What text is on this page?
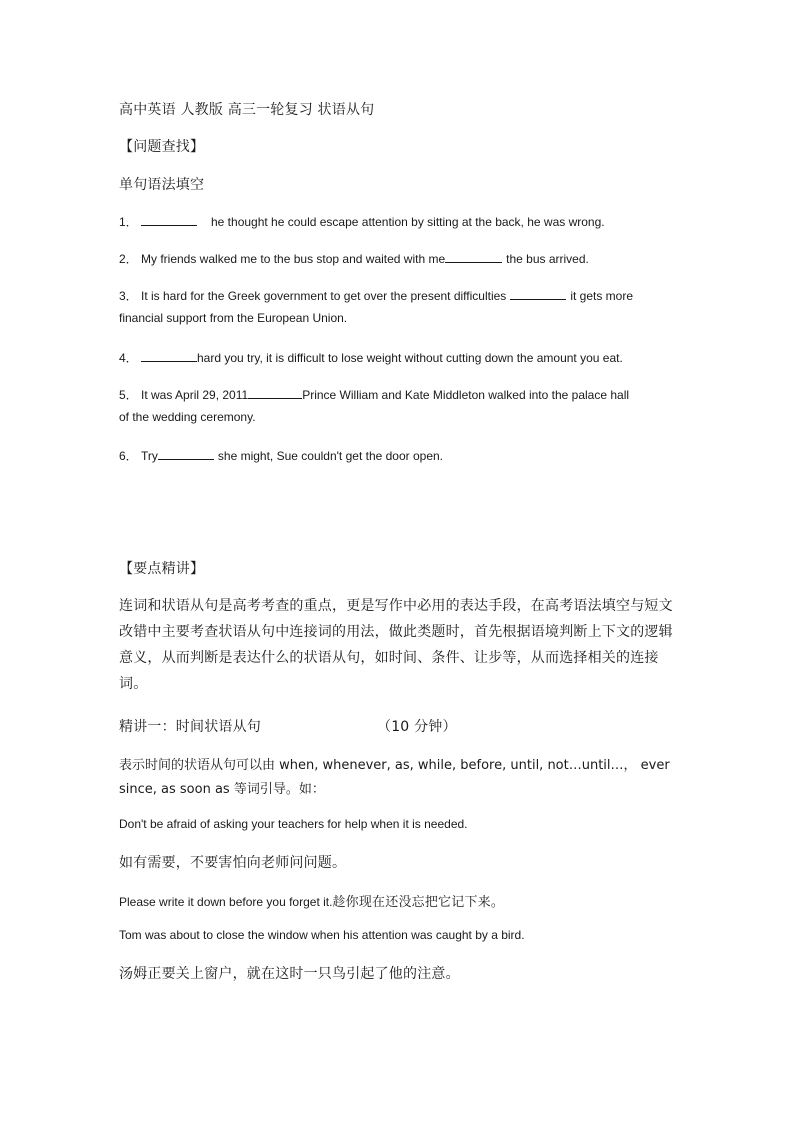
高中英语 人教版 高三一轮复习 状语从句
【问题查找】
单句语法填空
1．	he thought he could escape attention by sitting at the back, he was wrong.
2． My friends walked me to the bus stop and waited with me	the bus arrived.
3． It is hard for the Greek government to get over the present difficulties	it gets more
financial support from the European Union.
4．	hard you try, it is difficult to lose weight without cutting down the amount you eat.
5． It was April 29, 2011	Prince William and Kate Middleton walked into the palace hall
of the wedding ceremony.
6． Try	she might, Sue couldn't get the door open.
【要点精讲】
连词和状语从句是高考考查的重点，更是写作中必用的表达手段，在高考语法填空与短文改错中主要考查状语从句中连接词的用法，做此类题时，首先根据语境判断上下文的逻辑意义，从而判断是表达什么的状语从句，如时间、条件、让步等，从而选择相关的连接词。
精讲一：时间状语从句	（10 分钟）
表示时间的状语从句可以由 when, whenever, as, while, before, until, not…until…， ever since, as soon as 等词引导。如：
Don't be afraid of asking your teachers for help when it is needed.
如有需要，不要害怕向老师问问题。
Please write it down before you forget it.趁你现在还没忘把它记下来。
Tom was about to close the window when his attention was caught by a bird.
汤姆正要关上窗户，就在这时一只鸟引起了他的注意。
